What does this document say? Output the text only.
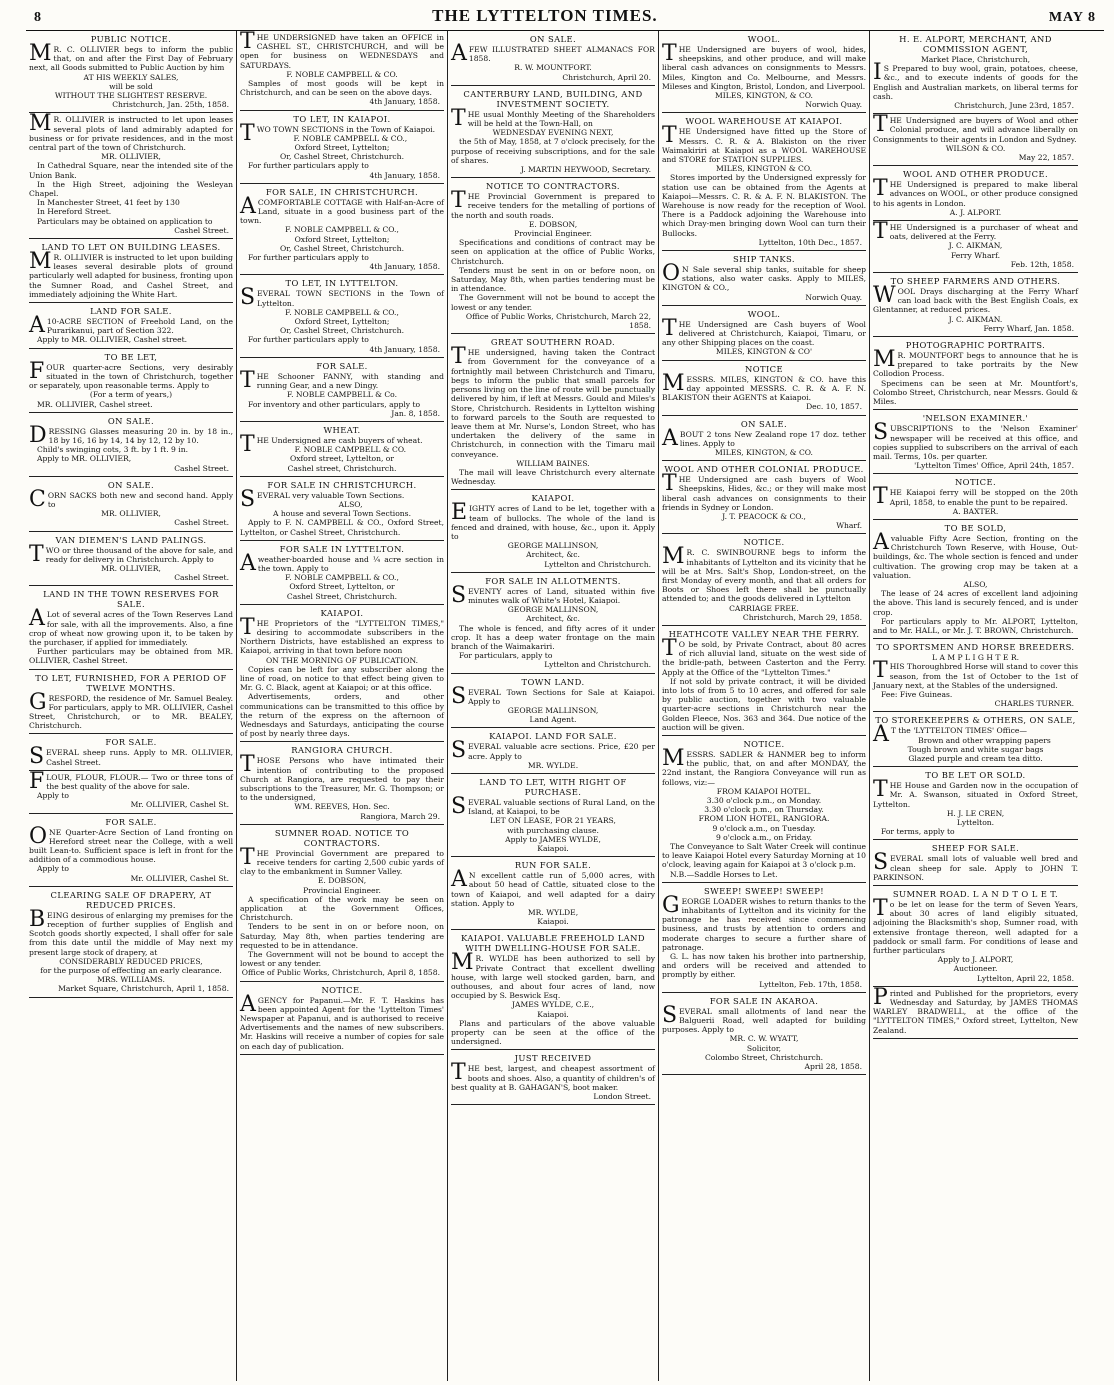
8	THE LYTTELTON TIMES.	MAY 8
PUBLIC NOTICE.

MR. C. OLLIVIER begs to inform the public that, on and after the First Day of February next, all Goods submitted to Public Auction by him

AT HIS WEEKLY SALES,

will be sold

WITHOUT THE SLIGHTEST RESERVE.

Christchurch, Jan. 25th, 1858.

MR. OLLIVIER is instructed to let upon leases several plots of land admirably adapted for business or for private residences, and in the most central part of the town of Christchurch.

MR. OLLIVIER,

In Cathedral Square, near the intended site of the Union Bank.

In the High Street, adjoining the Wesleyan Chapel.

In Manchester Street, 41 feet by 130

In Hereford Street.

Particulars may be obtained on application to

Cashel Street.

LAND TO LET ON BUILDING LEASES.

MR. OLLIVIER is instructed to let upon building leases several desirable plots of ground particularly well adapted for business, fronting upon the Sumner Road, and Cashel Street, and immediately adjoining the White Hart.

LAND FOR SALE.

A10-ACRE SECTION of Freehold Land, on the Purarikanui, part of Section 322.

Apply to MR. OLLIVIER, Cashel street.

TO BE LET,

FOUR quarter-acre Sections, very desirably situated in the town of Christchurch, together or separately, upon reasonable terms. Apply to

(For a term of years,)

MR. OLLIVIER, Cashel street.

ON SALE.

DRESSING Glasses measuring 20 in. by 18 in., 18 by 16, 16 by 14, 14 by 12, 12 by 10.

Child's swinging cots, 3 ft. by 1 ft. 9 in.

Apply to MR. OLLIVIER,

Cashel Street.

ON SALE.

CORN SACKS both new and second hand. Apply to

MR. OLLIVIER,

Cashel Street.

VAN DIEMEN'S LAND PALINGS.

TWO or three thousand of the above for sale, and ready for delivery in Christchurch. Apply to

MR. OLLIVIER,

Cashel Street.

LAND IN THE TOWN RESERVES FOR SALE.

ALot of several acres of the Town Reserves Land for sale, with all the improvements. Also, a fine crop of wheat now growing upon it, to be taken by the purchaser, if applied for immediately.

Further particulars may be obtained from MR. OLLIVIER, Cashel Street.

TO LET, FURNISHED, FOR A PERIOD OF TWELVE MONTHS.

GRESFORD, the residence of Mr. Samuel Bealey. For particulars, apply to MR. OLLIVIER, Cashel Street, Christchurch, or to MR. BEALEY, Christchurch.

FOR SALE.

SEVERAL sheep runs. Apply to MR. OLLIVIER, Cashel Street.

FLOUR, FLOUR, FLOUR.— Two or three tons of the best quality of the above for sale.

Apply to

Mr. OLLIVIER, Cashel St.

FOR SALE.

ONE Quarter-Acre Section of Land fronting on Hereford street near the College, with a well built Lean-to. Sufficient space is left in front for the addition of a commodious house.

Apply to

Mr. OLLIVIER, Cashel St.

CLEARING SALE OF DRAPERY, AT REDUCED PRICES.

BEING desirous of enlarging my premises for the reception of further supplies of English and Scotch goods shortly expected, I shall offer for sale from this date until the middle of May next my present large stock of drapery, at

CONSIDERABLY REDUCED PRICES,

for the purpose of effecting an early clearance.

MRS. WILLIAMS.

Market Square, Christchurch, April 1, 1858.

THE UNDERSIGNED have taken an OFFICE in CASHEL ST., CHRISTCHURCH, and will be open for business on WEDNESDAYS and SATURDAYS.

F. NOBLE CAMPBELL & CO.

Samples of most goods will be kept in Christchurch, and can be seen on the above days.

4th January, 1858.

TO LET, IN KAIAPOI.

TWO TOWN SECTIONS in the Town of Kaiapoi.

F. NOBLE CAMPBELL & CO.,

Oxford Street, Lyttelton;

Or, Cashel Street, Christchurch.

For further particulars apply to

4th January, 1858.

FOR SALE, IN CHRISTCHURCH.

ACOMFORTABLE COTTAGE with Half-an-Acre of Land, situate in a good business part of the town.

F. NOBLE CAMPBELL & CO.,

Oxford Street, Lyttelton;

Or, Cashel Street, Christchurch.

For further particulars apply to

4th January, 1858.

TO LET, IN LYTTELTON.

SEVERAL TOWN SECTIONS in the Town of Lyttelton.

F. NOBLE CAMPBELL & CO.,

Oxford Street, Lyttelton;

Or, Cashel Street, Christchurch.

For further particulars apply to

4th January, 1858.

FOR SALE.

THE Schooner FANNY, with standing and running Gear, and a new Dingy.

F. NOBLE CAMPBELL & Co.

For inventory and other particulars, apply to

Jan. 8, 1858.

WHEAT.

THE Undersigned are cash buyers of wheat.

F. NOBLE CAMPBELL & CO.

Oxford street, Lyttelton, or

Cashel street, Christchurch.

FOR SALE IN CHRISTCHURCH.

SEVERAL very valuable Town Sections.

ALSO,

A house and several Town Sections.

Apply to F. N. CAMPBELL & CO., Oxford Street, Lyttelton, or Cashel Street, Christchurch.

FOR SALE IN LYTTELTON.

Aweather-boarded house and ¼ acre section in the town. Apply to

F. NOBLE CAMPBELL & CO.,

Oxford Street, Lyttelton, or

Cashel Street, Christchurch.

KAIAPOI.

THE Proprietors of the "LYTTELTON TIMES," desiring to accommodate subscribers in the Northern Districts, have established an express to Kaiapoi, arriving in that town before noon

ON THE MORNING OF PUBLICATION.

Copies can be left for any subscriber along the line of road, on notice to that effect being given to Mr. G. C. Black, agent at Kaiapoi; or at this office.

Advertisements, orders, and other communications can be transmitted to this office by the return of the express on the afternoon of Wednesdays and Saturdays, anticipating the course of post by nearly three days.

RANGIORA CHURCH.

THOSE Persons who have intimated their intention of contributing to the proposed Church at Rangiora, are requested to pay their subscriptions to the Treasurer, Mr. G. Thompson; or to the undersigned,

WM. REEVES, Hon. Sec.

Rangiora, March 29.

SUMNER ROAD. NOTICE TO CONTRACTORS.

THE Provincial Government are prepared to receive tenders for carting 2,500 cubic yards of clay to the embankment in Sumner Valley.

E. DOBSON,

Provincial Engineer.

A specification of the work may be seen on application at the Government Offices, Christchurch.

Tenders to be sent in on or before noon, on Saturday, May 8th, when parties tendering are requested to be in attendance.

The Government will not be bound to accept the lowest or any tender.

Office of Public Works, Christchurch, April 8, 1858.

NOTICE.

AGENCY for Papanui.—Mr. F. T. Haskins has been appointed Agent for the 'Lyttelton Times' Newspaper at Papanui, and is authorised to receive Advertisements and the names of new subscribers. Mr. Haskins will receive a number of copies for sale on each day of publication.

ON SALE.

AFEW ILLUSTRATED SHEET ALMANACS FOR 1858.

R. W. MOUNTFORT.

Christchurch, April 20.

CANTERBURY LAND, BUILDING, AND INVESTMENT SOCIETY.

THE usual Monthly Meeting of the Shareholders will be held at the Town-Hall, on

WEDNESDAY EVENING NEXT,

the 5th of May, 1858, at 7 o'clock precisely, for the purpose of receiving subscriptions, and for the sale of shares.

J. MARTIN HEYWOOD, Secretary.

NOTICE TO CONTRACTORS.

THE Provincial Government is prepared to receive tenders for the metalling of portions of the north and south roads.

E. DOBSON,

Provincial Engineer.

Specifications and conditions of contract may be seen on application at the office of Public Works, Christchurch.

Tenders must be sent in on or before noon, on Saturday, May 8th, when parties tendering must be in attendance.

The Government will not be bound to accept the lowest or any tender.

Office of Public Works, Christchurch, March 22, 1858.

GREAT SOUTHERN ROAD.

THE undersigned, having taken the Contract from Government for the conveyance of a fortnightly mail between Christchurch and Timaru, begs to inform the public that small parcels for persons living on the line of route will be punctually delivered by him, if left at Messrs. Gould and Miles's Store, Christchurch. Residents in Lyttelton wishing to forward parcels to the South are requested to leave them at Mr. Nurse's, London Street, who has undertaken the delivery of the same in Christchurch, in connection with the Timaru mail conveyance.

WILLIAM BAINES.

The mail will leave Christchurch every alternate Wednesday.

KAIAPOI.

EIGHTY acres of Land to be let, together with a team of bullocks. The whole of the land is fenced and drained, with house, &c., upon it. Apply to

GEORGE MALLINSON,

Architect, &c.

Lyttelton and Christchurch.

FOR SALE IN ALLOTMENTS.

SEVENTY acres of Land, situated within five minutes walk of White's Hotel, Kaiapoi.

GEORGE MALLINSON,

Architect, &c.

The whole is fenced, and fifty acres of it under crop. It has a deep water frontage on the main branch of the Waimakariri.

For particulars, apply to

Lyttelton and Christchurch.

TOWN LAND.

SEVERAL Town Sections for Sale at Kaiapoi. Apply to

GEORGE MALLINSON,

Land Agent.

KAIAPOI. LAND FOR SALE.

SEVERAL valuable acre sections. Price, £20 per acre. Apply to

MR. WYLDE.

LAND TO LET, WITH RIGHT OF PURCHASE.

SEVERAL valuable sections of Rural Land, on the Island, at Kaiapoi, to be

LET ON LEASE, FOR 21 YEARS,

with purchasing clause.

Apply to JAMES WYLDE,

Kaiapoi.

RUN FOR SALE.

AN excellent cattle run of 5,000 acres, with about 50 head of Cattle, situated close to the town of Kaiapoi, and well adapted for a dairy station. Apply to

MR. WYLDE,

Kaiapoi.

KAIAPOI. VALUABLE FREEHOLD LAND WITH DWELLING-HOUSE FOR SALE.

MR. WYLDE has been authorized to sell by Private Contract that excellent dwelling house, with large well stocked garden, barn, and outhouses, and about four acres of land, now occupied by S. Beswick Esq.

JAMES WYLDE, C.E.,

Kaiapoi.

Plans and particulars of the above valuable property can be seen at the office of the undersigned.

JUST RECEIVED

THE best, largest, and cheapest assortment of boots and shoes. Also, a quantity of children's of best quality at B. GAHAGAN'S, boot maker.

London Street.

WOOL.

THE Undersigned are buyers of wool, hides, sheepskins, and other produce, and will make liberal cash advances on consignments to Messrs. Miles, Kington and Co. Melbourne, and Messrs. Mileses and Kington, Bristol, London, and Liverpool.

MILES, KINGTON, & CO.

Norwich Quay.

WOOL WAREHOUSE AT KAIAPOI.

THE Undersigned have fitted up the Store of Messrs. C. R. & A. Blakiston on the river Waimakiriri at Kaiapoi as a WOOL WAREHOUSE and STORE for STATION SUPPLIES.

MILES, KINGTON & CO.

Stores imported by the Undersigned expressly for station use can be obtained from the Agents at Kaiapoi—Messrs. C. R. & A. F. N. BLAKISTON. The Warehouse is now ready for the reception of Wool. There is a Paddock adjoining the Warehouse into which Dray-men bringing down Wool can turn their Bullocks.

Lyttelton, 10th Dec., 1857.

SHIP TANKS.

ON Sale several ship tanks, suitable for sheep stations, also water casks. Apply to MILES, KINGTON & CO.,

Norwich Quay.

WOOL.

THE Undersigned are Cash buyers of Wool delivered at Christchurch, Kaiapoi, Timaru, or any other Shipping places on the coast.

MILES, KINGTON & CO'

NOTICE

MESSRS. MILES, KINGTON & CO. have this day appointed MESSRS. C. R. & A. F. N. BLAKISTON their AGENTS at Kaiapoi.

Dec. 10, 1857.

ON SALE.

ABOUT 2 tons New Zealand rope 17 doz. tether lines. Apply to

MILES, KINGTON, & CO.

WOOL AND OTHER COLONIAL PRODUCE.

THE Undersigned are cash buyers of Wool Sheepskins, Hides, &c.; or they will make most liberal cash advances on consignments to their friends in Sydney or London.

J. T. PEACOCK & CO.,

Wharf.

NOTICE.

MR. C. SWINBOURNE begs to inform the inhabitants of Lyttelton and its vicinity that he will be at Mrs. Salt's Shop, London-street, on the first Monday of every month, and that all orders for Boots or Shoes left there shall be punctually attended to; and the goods delivered in Lyttelton

CARRIAGE FREE.

Christchurch, March 29, 1858.

HEATHCOTE VALLEY NEAR THE FERRY.

TO be sold, by Private Contract, about 80 acres of rich alluvial land, situate on the west side of the bridle-path, between Casterton and the Ferry. Apply at the Office of the "Lyttelton Times."

If not sold by private contract, it will be divided into lots of from 5 to 10 acres, and offered for sale by public auction, together with two valuable quarter-acre sections in Christchurch near the Golden Fleece, Nos. 363 and 364. Due notice of the auction will be given.

NOTICE.

MESSRS. SADLER & HANMER beg to inform the public, that, on and after MONDAY, the 22nd instant, the Rangiora Conveyance will run as follows, viz:—

FROM KAIAPOI HOTEL.

3.30 o'clock p.m., on Monday.

3.30 o'clock p.m., on Thursday.

FROM LION HOTEL, RANGIORA.

9 o'clock a.m., on Tuesday.

9 o'clock a.m., on Friday.

The Conveyance to Salt Water Creek will continue to leave Kaiapoi Hotel every Saturday Morning at 10 o'clock, leaving again for Kaiapoi at 3 o'clock p.m.

N.B.—Saddle Horses to Let.

SWEEP! SWEEP! SWEEP!

GEORGE LOADER wishes to return thanks to the inhabitants of Lyttelton and its vicinity for the patronage he has received since commencing business, and trusts by attention to orders and moderate charges to secure a further share of patronage.

G. L. has now taken his brother into partnership, and orders will be received and attended to promptly by either.

Lyttelton, Feb. 17th, 1858.

FOR SALE IN AKAROA.

SEVERAL small allotments of land near the Balguerii Road, well adapted for building purposes. Apply to

MR. C. W. WYATT,

Solicitor,

Colombo Street, Christchurch.

April 28, 1858.

H. E. ALPORT, MERCHANT, AND COMMISSION AGENT,

Market Place, Christchurch,

IS Prepared to buy wool, grain, potatoes, cheese, &c., and to execute indents of goods for the English and Australian markets, on liberal terms for cash.

Christchurch, June 23rd, 1857.

THE Undersigned are buyers of Wool and other Colonial produce, and will advance liberally on Consignments to their agents in London and Sydney.

WILSON & CO.

May 22, 1857.

WOOL AND OTHER PRODUCE.

THE Undersigned is prepared to make liberal advances on WOOL, or other produce consigned to his agents in London.

A. J. ALPORT.

THE Undersigned is a purchaser of wheat and oats, delivered at the Ferry.

J. C. AIKMAN,

Ferry Wharf.

Feb. 12th, 1858.

TO SHEEP FARMERS AND OTHERS.

WOOL Drays discharging at the Ferry Wharf can load back with the Best English Coals, ex Glentanner, at reduced prices.

J. C. AIKMAN.

Ferry Wharf, Jan. 1858.

PHOTOGRAPHIC PORTRAITS.

MR. MOUNTFORT begs to announce that he is prepared to take portraits by the New Collodion Process.

Specimens can be seen at Mr. Mountfort's, Colombo Street, Christchurch, near Messrs. Gould & Miles.

'NELSON EXAMINER.'

SUBSCRIPTIONS to the 'Nelson Examiner' newspaper will be received at this office, and copies supplied to subscribers on the arrival of each mail. Terms, 10s. per quarter.

'Lyttelton Times' Office, April 24th, 1857.

NOTICE.

THE Kaiapoi ferry will be stopped on the 20th April, 1858, to enable the punt to be repaired.

A. BAXTER.

TO BE SOLD,

Avaluable Fifty Acre Section, fronting on the Christchurch Town Reserve, with House, Out-buildings, &c. The whole section is fenced and under cultivation. The growing crop may be taken at a valuation.

ALSO,

The lease of 24 acres of excellent land adjoining the above. This land is securely fenced, and is under crop.

For particulars apply to Mr. ALPORT, Lyttelton, and to Mr. HALL, or Mr. J. T. BROWN, Christchurch.

TO SPORTSMEN AND HORSE BREEDERS.

L A M P L I G H T E R.

THIS Thoroughbred Horse will stand to cover this season, from the 1st of October to the 1st of January next, at the Stables of the undersigned.

Fee: Five Guineas.

CHARLES TURNER.

TO STOREKEEPERS & OTHERS, ON SALE,

AT the 'LYTTELTON TIMES' Office—

Brown and other wrapping papers

Tough brown and white sugar bags

Glazed purple and cream tea ditto.

TO BE LET OR SOLD.

THE House and Garden now in the occupation of Mr. A. Swanson, situated in Oxford Street, Lyttelton.

H. J. LE CREN,

Lyttelton.

For terms, apply to

SHEEP FOR SALE.

SEVERAL small lots of valuable well bred and clean sheep for sale. Apply to JOHN T. PARKINSON.

SUMNER ROAD. L A N D T O L E T.

To be let on lease for the term of Seven Years, about 30 acres of land eligibly situated, adjoining the Blacksmith's shop, Sumner road, with extensive frontage thereon, well adapted for a paddock or small farm. For conditions of lease and further particulars

Apply to J. ALPORT,

Auctioneer.

Lyttelton, April 22, 1858.

Printed and Published for the proprietors, every Wednesday and Saturday, by JAMES THOMAS WARLEY BRADWELL, at the office of the "LYTTELTON TIMES," Oxford street, Lyttelton, New Zealand.
